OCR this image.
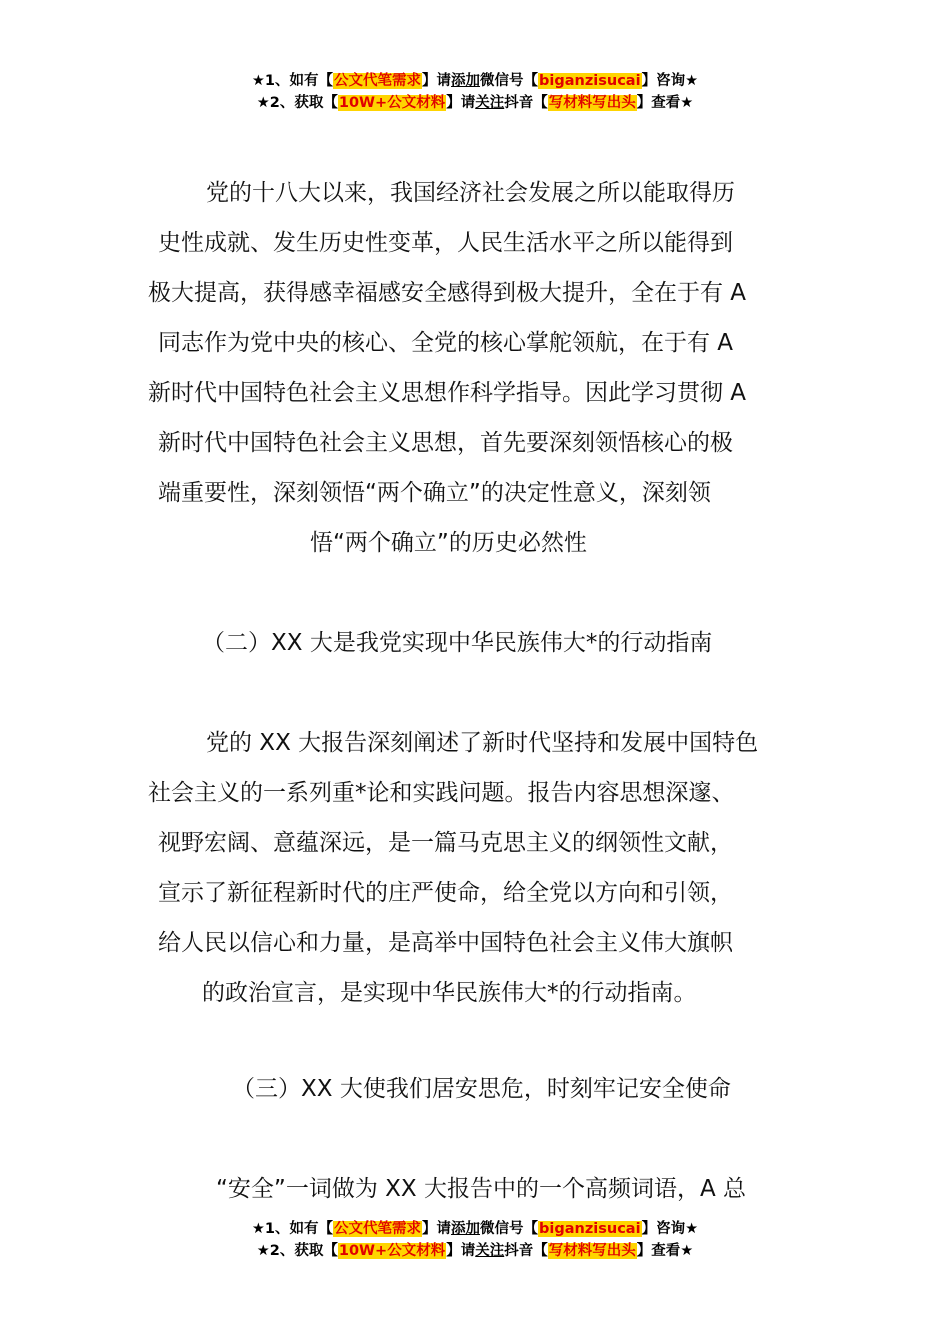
★1、如有【公文代笔需求】请添加微信号【biganzisucai】咨询★
★2、获取【10W+公文材料】请关注抖音【写材料写出头】查看★
党的十八大以来，我国经济社会发展之所以能取得历
史性成就、发生历史性变革，人民生活水平之所以能得到
极大提高，获得感幸福感安全感得到极大提升，全在于有 A
同志作为党中央的核心、全党的核心掌舵领航，在于有 A
新时代中国特色社会主义思想作科学指导。因此学习贯彻 A
新时代中国特色社会主义思想，首先要深刻领悟核心的极
端重要性，深刻领悟“两个确立”的决定性意义，深刻领
悟“两个确立”的历史必然性
（二）XX 大是我党实现中华民族伟大*的行动指南
党的 XX 大报告深刻阐述了新时代坚持和发展中国特色
社会主义的一系列重*论和实践问题。报告内容思想深邃、
视野宏阔、意蕴深远，是一篇马克思主义的纲领性文献，
宣示了新征程新时代的庄严使命，给全党以方向和引领，
给人民以信心和力量，是高举中国特色社会主义伟大旗帜
的政治宣言，是实现中华民族伟大*的行动指南。
（三）XX 大使我们居安思危，时刻牢记安全使命
“安全”一词做为 XX 大报告中的一个高频词语，A 总
★1、如有【公文代笔需求】请添加微信号【biganzisucai】咨询★
★2、获取【10W+公文材料】请关注抖音【写材料写出头】查看★
